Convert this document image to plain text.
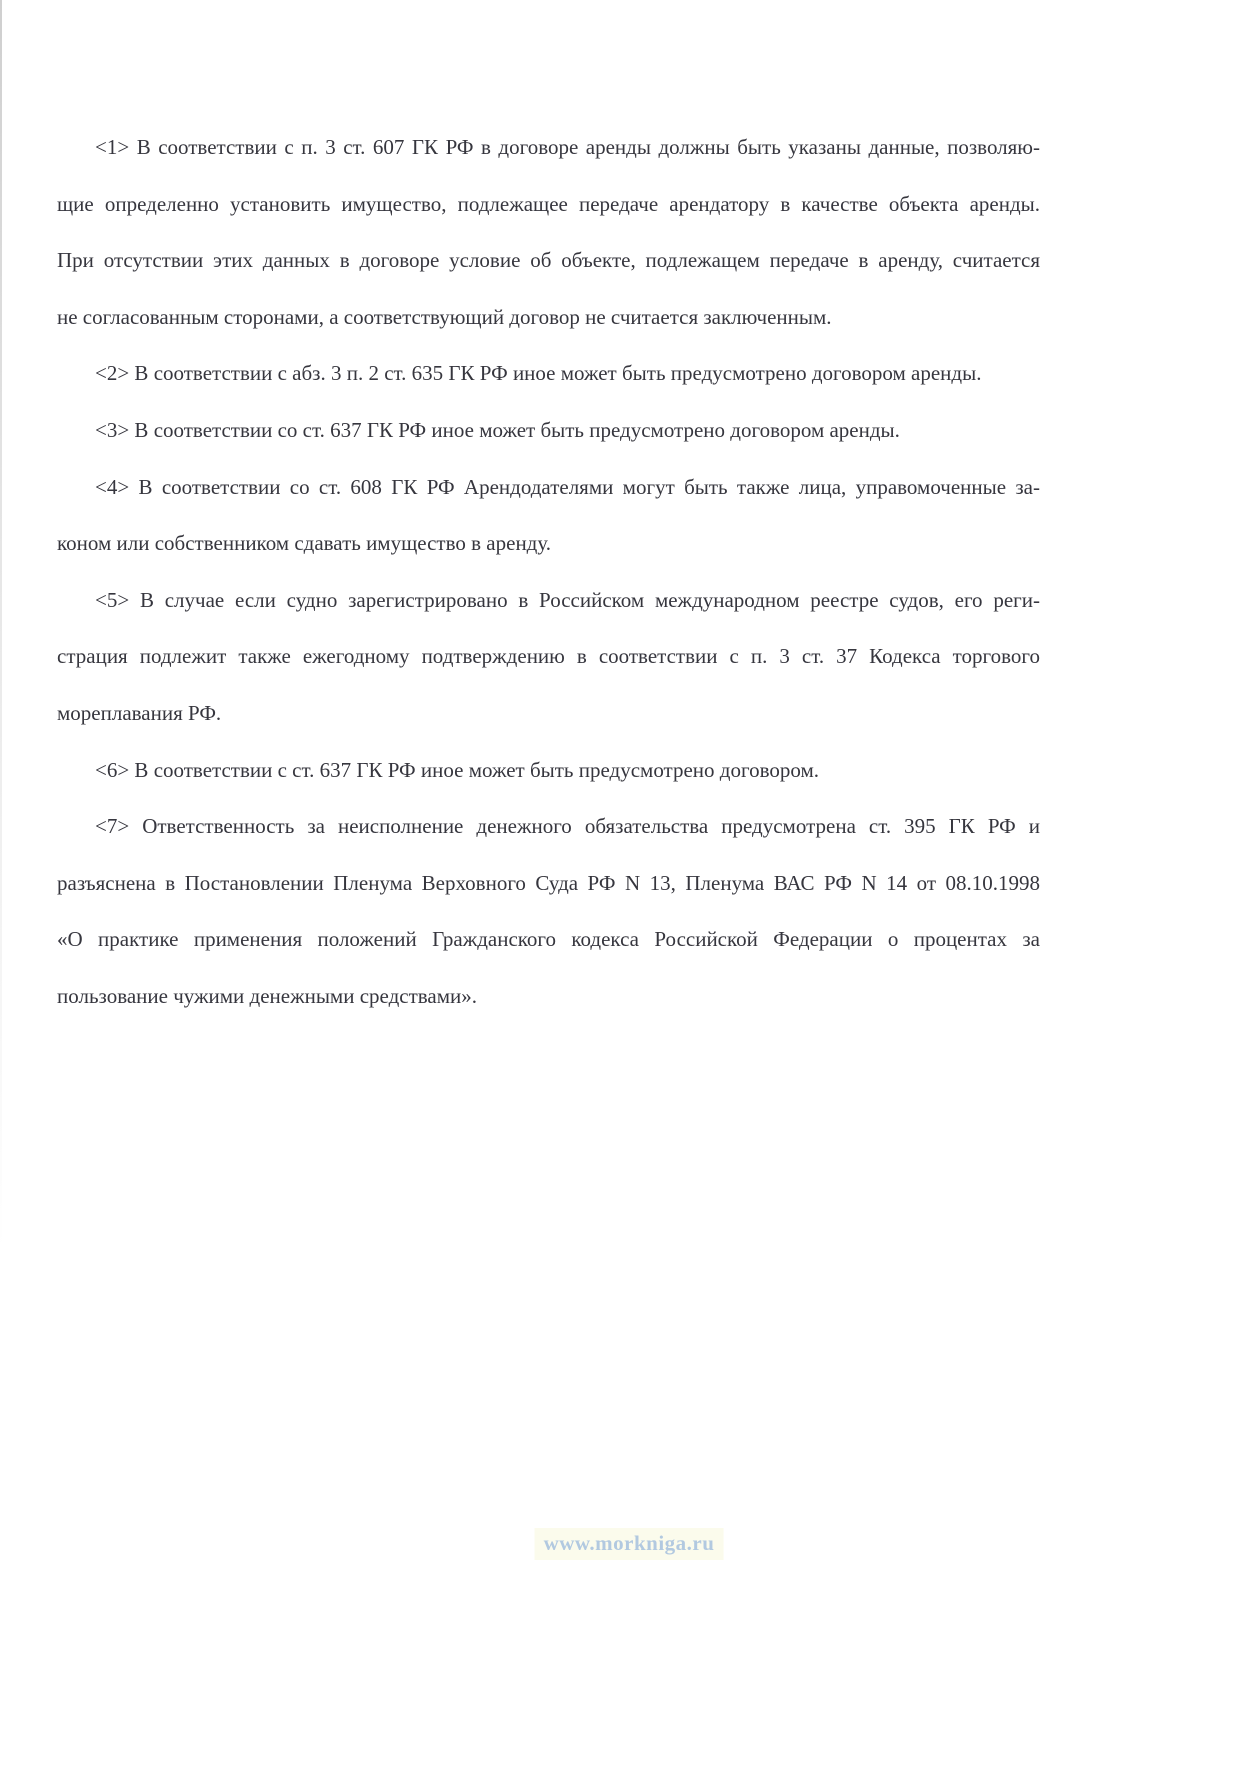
<1> В соответствии с п. 3 ст. 607 ГК РФ в договоре аренды должны быть указаны данные, позволяю-
щие определенно установить имущество, подлежащее передаче арендатору в качестве объекта аренды.
При отсутствии этих данных в договоре условие об объекте, подлежащем передаче в аренду, считается
не согласованным сторонами, а соответствующий договор не считается заключенным.
<2> В соответствии с абз. 3 п. 2 ст. 635 ГК РФ иное может быть предусмотрено договором аренды.
<3> В соответствии со ст. 637 ГК РФ иное может быть предусмотрено договором аренды.
<4> В соответствии со ст. 608 ГК РФ Арендодателями могут быть также лица, управомоченные за-
коном или собственником сдавать имущество в аренду.
<5> В случае если судно зарегистрировано в Российском международном реестре судов, его реги-
страция подлежит также ежегодному подтверждению в соответствии с п. 3 ст. 37 Кодекса торгового
мореплавания РФ.
<6> В соответствии с ст. 637 ГК РФ иное может быть предусмотрено договором.
<7> Ответственность за неисполнение денежного обязательства предусмотрена ст. 395 ГК РФ и
разъяснена в Постановлении Пленума Верховного Суда РФ N 13, Пленума ВАС РФ N 14 от 08.10.1998
«О практике применения положений Гражданского кодекса Российской Федерации о процентах за
пользование чужими денежными средствами».
www.morkniga.ru
